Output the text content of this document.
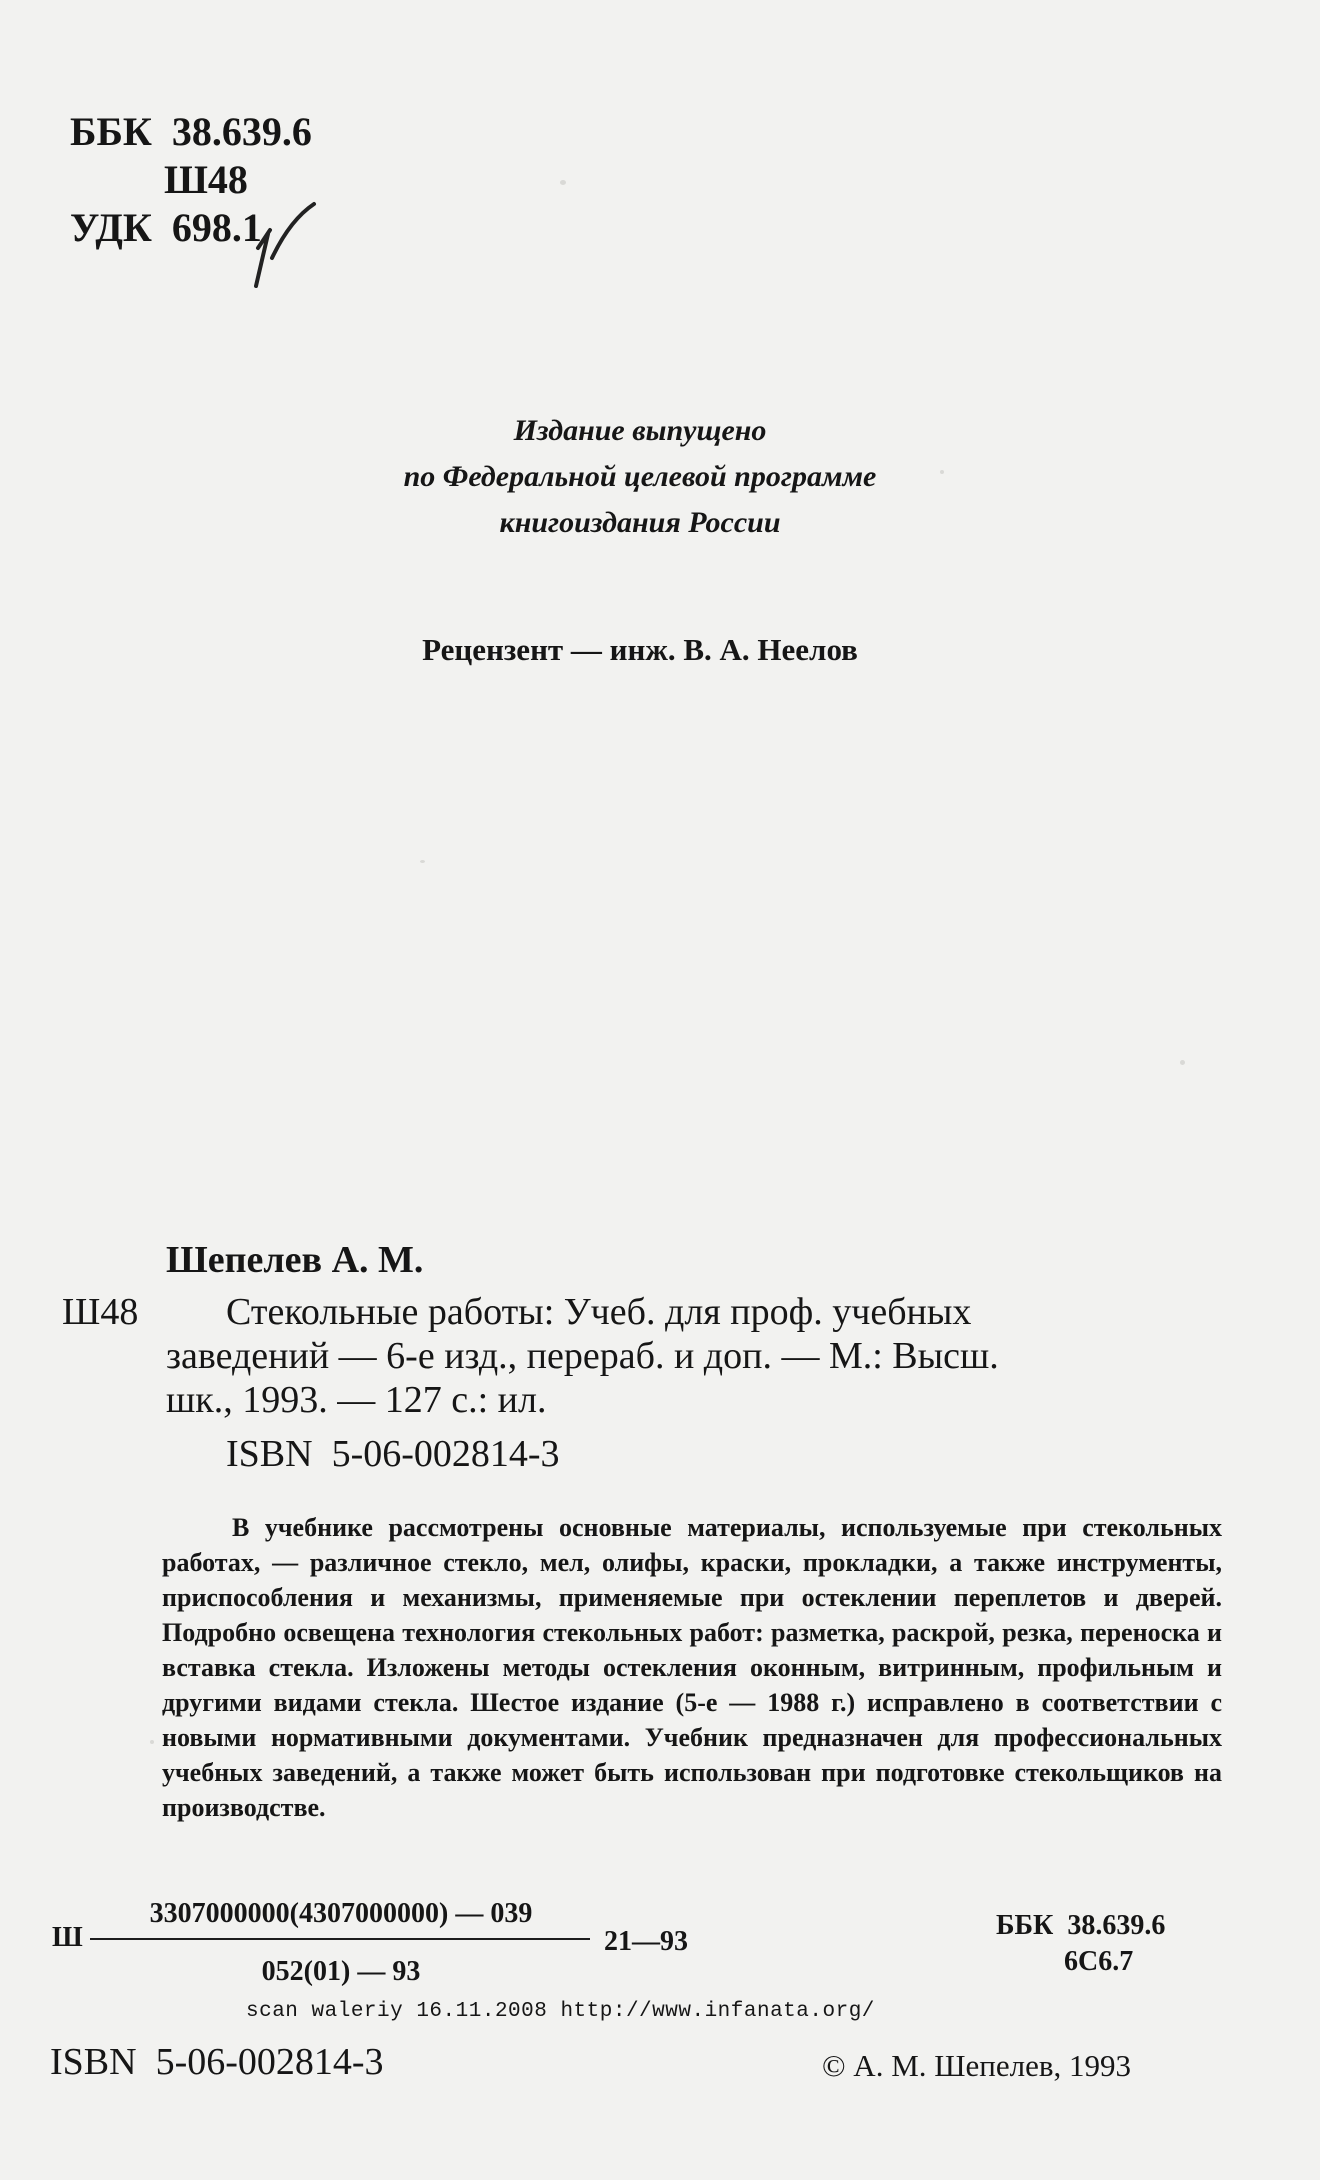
ББК  38.639.6
Ш48
УДК  698.1
Издание выпущено
по Федеральной целевой программе
книгоиздания России
Рецензент — инж. В. А. Неелов
Шепелев А. М.
Ш48 Стекольные работы: Учеб. для проф. учебных
заведений — 6-е изд., перераб. и доп. — М.: Высш.
шк., 1993. — 127 с.: ил.
ISBN  5-06-002814-3
В учебнике рассмотрены основные материалы, используемые при стекольных работах, — различное стекло, мел, олифы, краски, прокладки, а также инструменты, приспособления и механизмы, применяемые при остеклении переплетов и дверей. Подробно освещена технология стекольных работ: разметка, раскрой, резка, переноска и вставка стекла. Изложены методы остекления оконным, витринным, профильным и другими видами стекла. Шестое издание (5-е — 1988 г.) исправлено в соответствии с новыми нормативными документами. Учебник предназначен для профессиональных учебных заведений, а также может быть использован при подготовке стекольщиков на производстве.
Ш
3307000000(4307000000) — 039
052(01) — 93
21—93
ББК  38.639.6
6С6.7
scan waleriy 16.11.2008 http://www.infanata.org/
ISBN  5-06-002814-3	© А. М. Шепелев, 1993
